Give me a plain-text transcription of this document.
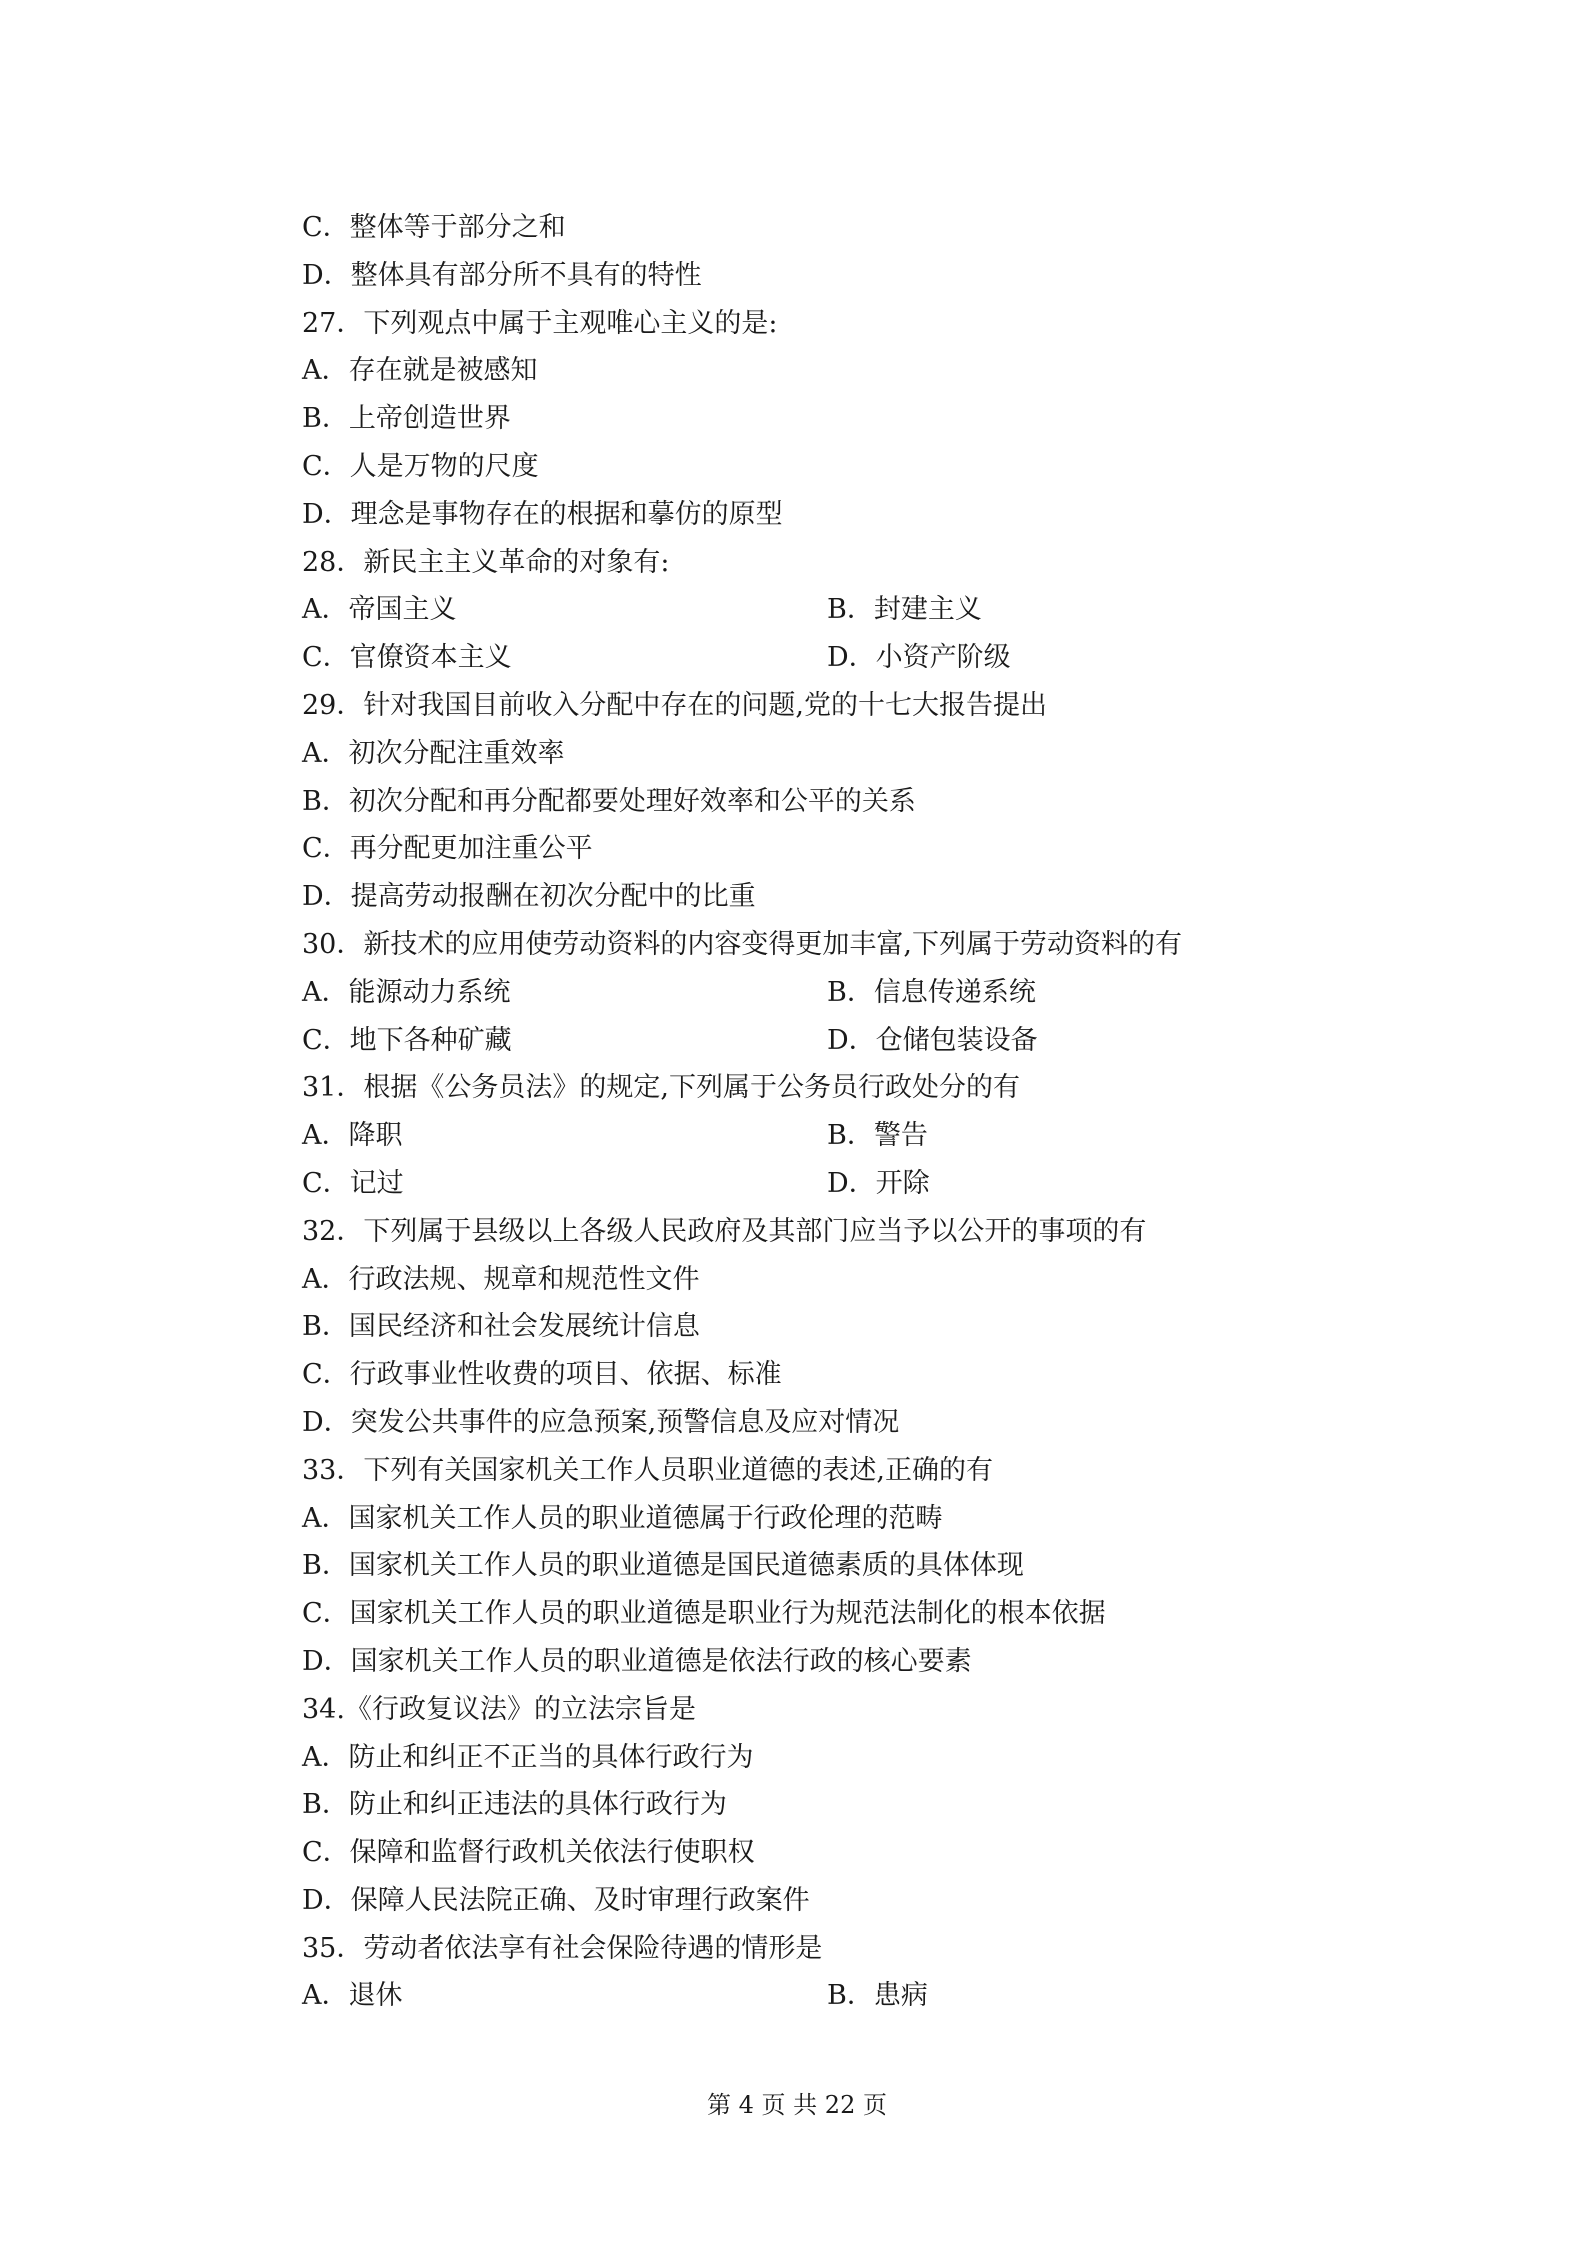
C．整体等于部分之和
D．整体具有部分所不具有的特性
27．下列观点中属于主观唯心主义的是:
A．存在就是被感知
B．上帝创造世界
C．人是万物的尺度
D．理念是事物存在的根据和摹仿的原型
28．新民主主义革命的对象有:
A．帝国主义	B．封建主义
C．官僚资本主义	D．小资产阶级
29．针对我国目前收入分配中存在的问题,党的十七大报告提出
A．初次分配注重效率
B．初次分配和再分配都要处理好效率和公平的关系
C．再分配更加注重公平
D．提高劳动报酬在初次分配中的比重
30．新技术的应用使劳动资料的内容变得更加丰富,下列属于劳动资料的有
A．能源动力系统	B．信息传递系统
C．地下各种矿藏	D．仓储包装设备
31．根据《公务员法》的规定,下列属于公务员行政处分的有
A．降职	B．警告
C．记过	D．开除
32．下列属于县级以上各级人民政府及其部门应当予以公开的事项的有
A．行政法规、规章和规范性文件
B．国民经济和社会发展统计信息
C．行政事业性收费的项目、依据、标准
D．突发公共事件的应急预案,预警信息及应对情况
33．下列有关国家机关工作人员职业道德的表述,正确的有
A．国家机关工作人员的职业道德属于行政伦理的范畴
B．国家机关工作人员的职业道德是国民道德素质的具体体现
C．国家机关工作人员的职业道德是职业行为规范法制化的根本依据
D．国家机关工作人员的职业道德是依法行政的核心要素
34.《行政复议法》的立法宗旨是
A．防止和纠正不正当的具体行政行为
B．防止和纠正违法的具体行政行为
C．保障和监督行政机关依法行使职权
D．保障人民法院正确、及时审理行政案件
35．劳动者依法享有社会保险待遇的情形是
A．退休	B．患病
第 4 页 共 22 页
